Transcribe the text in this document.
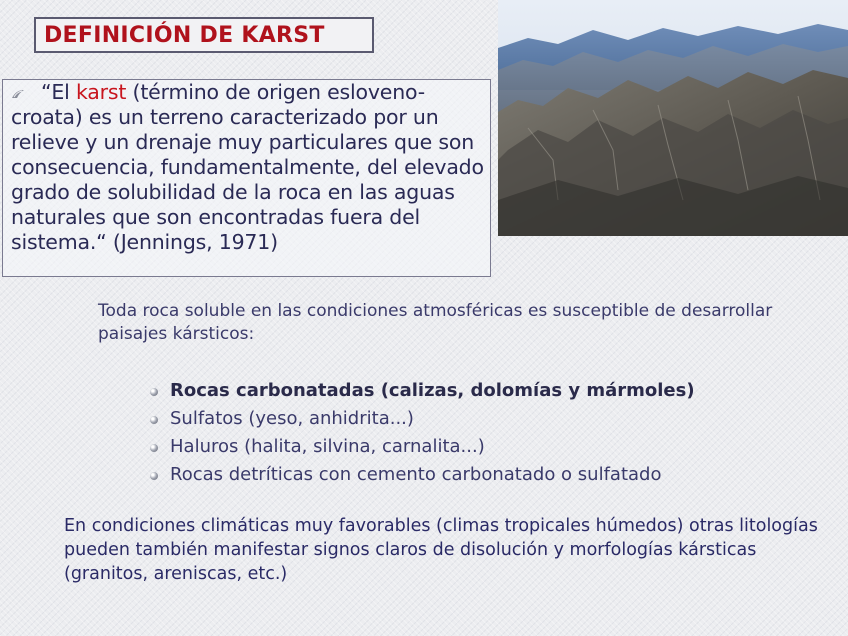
DEFINICIÓN DE KARST
“El karst (término de origen esloveno-croata) es un terreno caracterizado por un relieve y un drenaje muy particulares que son consecuencia, fundamentalmente, del elevado grado de solubilidad de la roca en las aguas naturales que son encontradas fuera del sistema.“ (Jennings, 1971)
Toda roca soluble en las condiciones atmosféricas es susceptible de desarrollar paisajes kársticos:
Rocas carbonatadas (calizas, dolomías y mármoles)
Sulfatos (yeso, anhidrita...)
Haluros (halita, silvina, carnalita...)
Rocas detríticas con cemento carbonatado o sulfatado
En condiciones climáticas muy favorables (climas tropicales húmedos) otras litologías pueden también manifestar signos claros de disolución y morfologías kársticas (granitos, areniscas, etc.)
